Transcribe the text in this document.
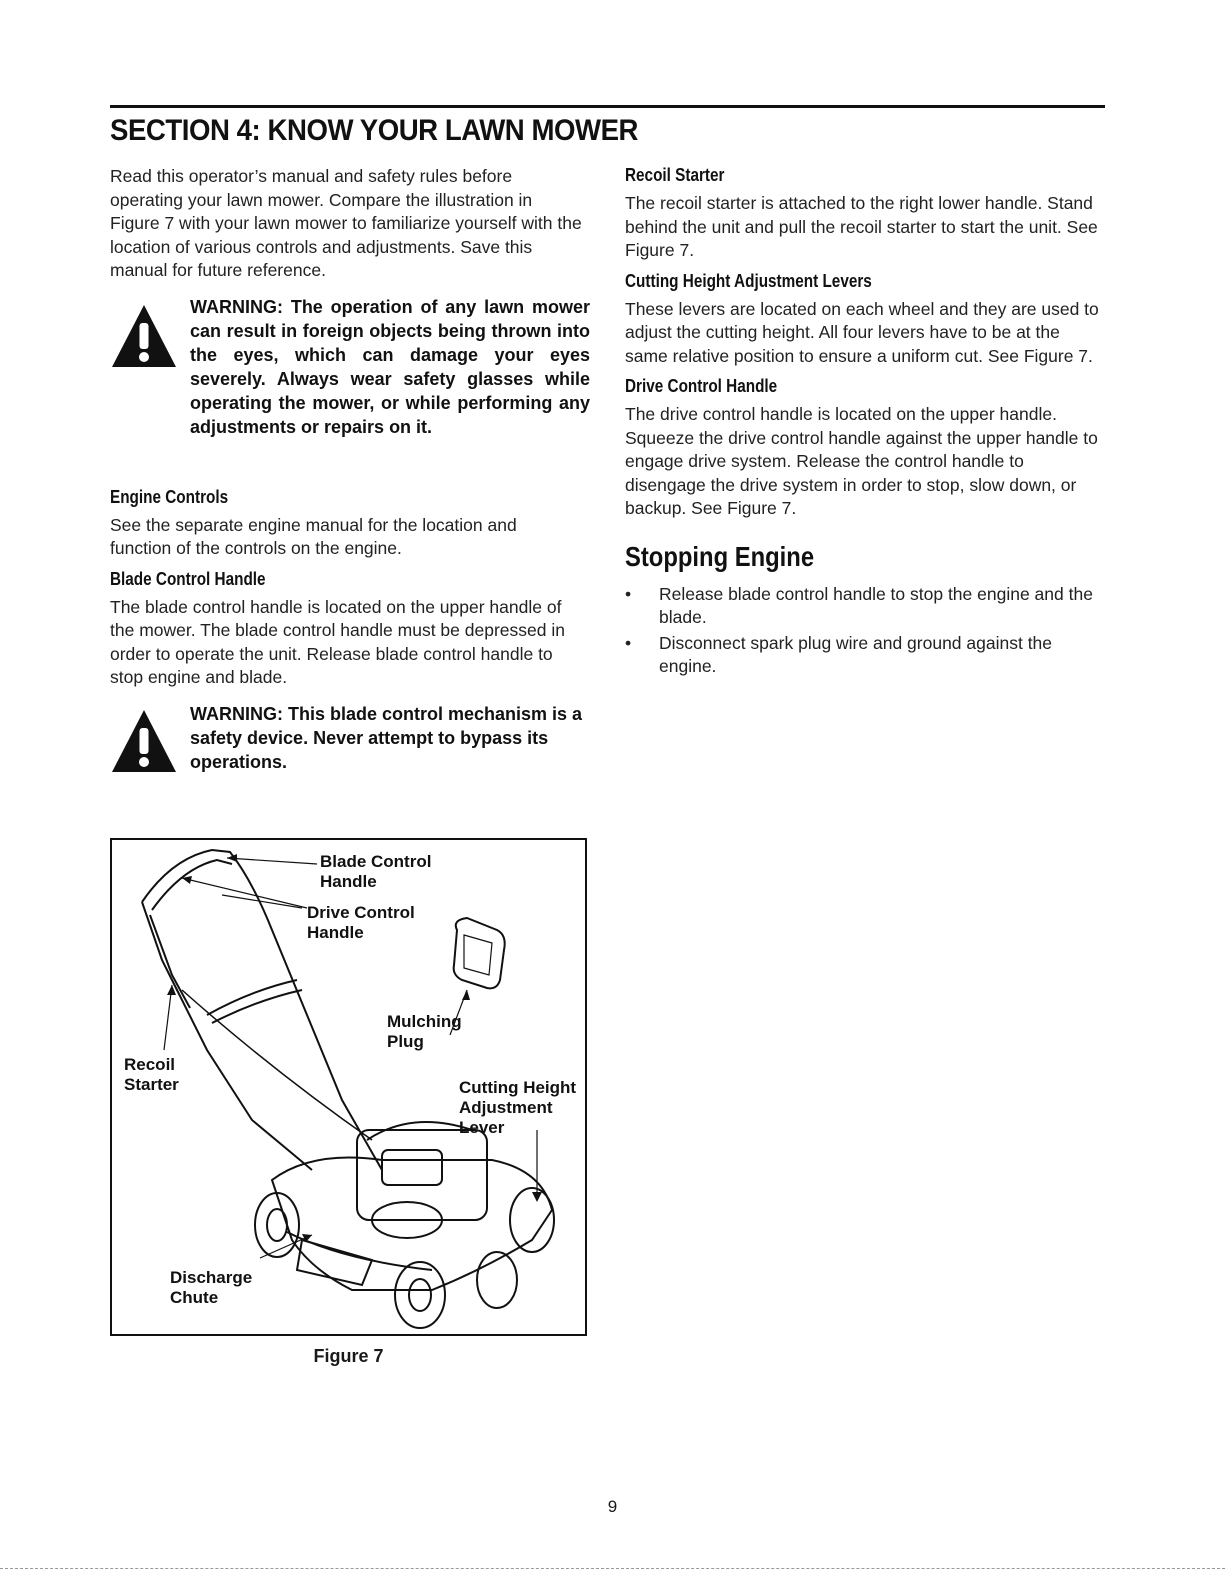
SECTION 4: KNOW YOUR LAWN MOWER

Read this operator’s manual and safety rules before operating your lawn mower. Compare the illustration in Figure 7 with your lawn mower to familiarize yourself with the location of various controls and adjustments. Save this manual for future reference.

WARNING: The operation of any lawn mower can result in foreign objects being thrown into the eyes, which can damage your eyes severely. Always wear safety glasses while operating the mower, or while performing any adjustments or repairs on it.

Engine Controls

See the separate engine manual for the location and function of the controls on the engine.

Blade Control Handle

The blade control handle is located on the upper handle of the mower. The blade control handle must be depressed in order to operate the unit. Release blade control handle to stop engine and blade.

WARNING: This blade control mechanism is a safety device. Never attempt to bypass its operations.

Recoil Starter

The recoil starter is attached to the right lower handle. Stand behind the unit and pull the recoil starter to start the unit. See Figure 7.

Cutting Height Adjustment Levers

These levers are located on each wheel and they are used to adjust the cutting height. All four levers have to be at the same relative position to ensure a uniform cut. See Figure 7.

Drive Control Handle

The drive control handle is located on the upper handle. Squeeze the drive control handle against the upper handle to engage drive system. Release the control handle to disengage the drive system in order to stop, slow down, or backup. See Figure 7.

Stopping Engine
• Release blade control handle to stop the engine and the blade.
• Disconnect spark plug wire and ground against the engine.
Blade Control
Handle
Drive Control
Handle
Mulching
Plug
Recoil
Starter	Cutting Height
Adjustment
Lever
Discharge
Chute
Figure 7
9
